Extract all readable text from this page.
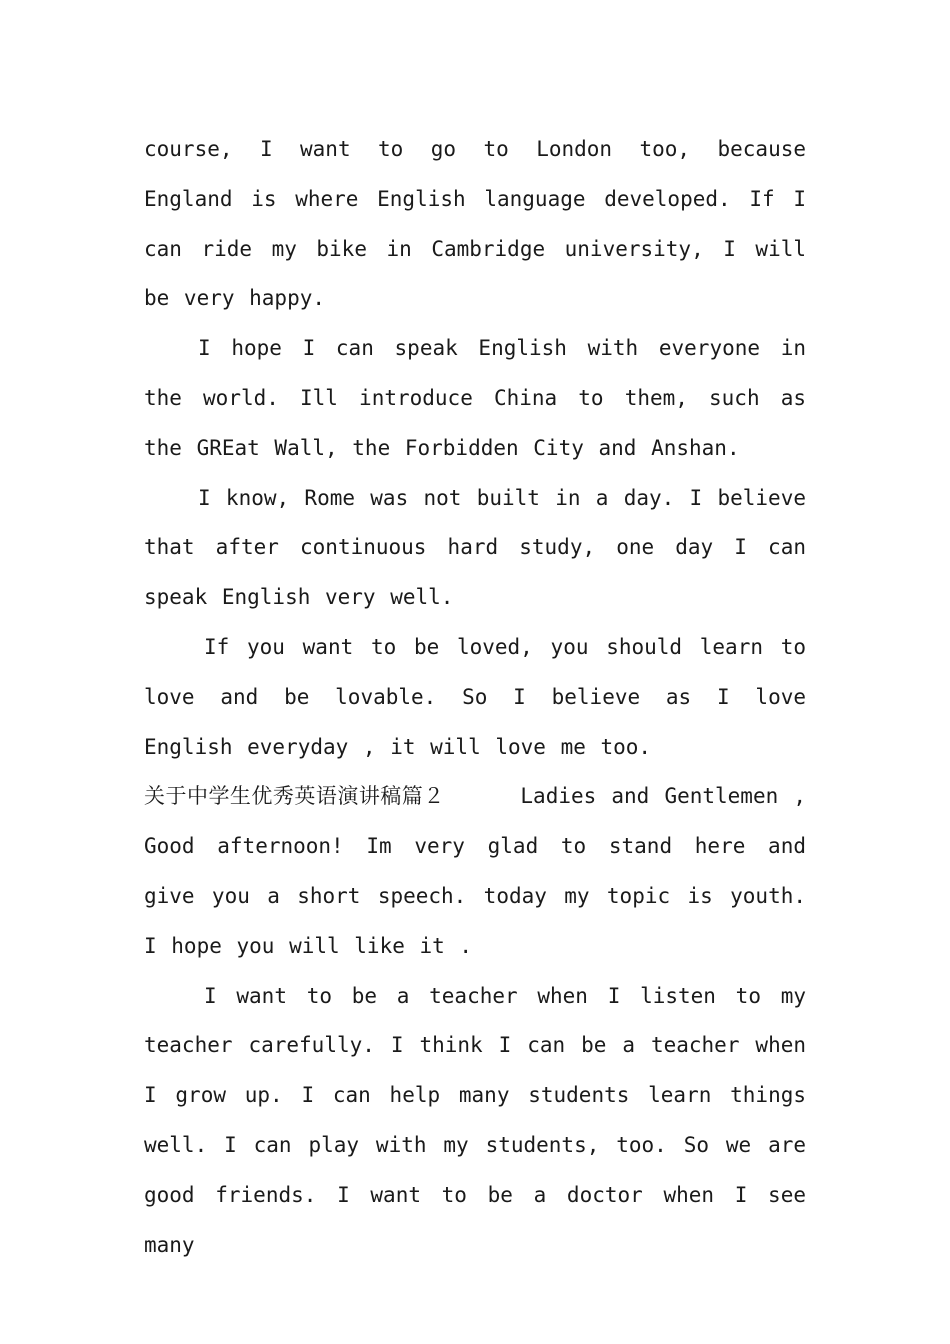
course, I want to go to London too, because England is where English language developed. If I can ride my bike in Cambridge university, I will be very happy.

I hope I can speak English with everyone in the world. Ill introduce China to them, such as the GREat Wall, the Forbidden City and Anshan.

I know, Rome was not built in a day. I believe that after continuous hard study, one day I can speak English very well.

If you want to be loved, you should learn to love and be lovable. So I believe as I love English everyday , it will love me too.

关于中学生优秀英语演讲稿篇２	Ladies and Gentlemen , Good afternoon! Im very glad to stand here and give you a short speech. today my topic is youth. I hope you will like it .

I want to be a teacher when I listen to my teacher carefully. I think I can be a teacher when I grow up. I can help many students learn things well. I can play with my students, too. So we are good friends. I want to be a doctor when I see many
